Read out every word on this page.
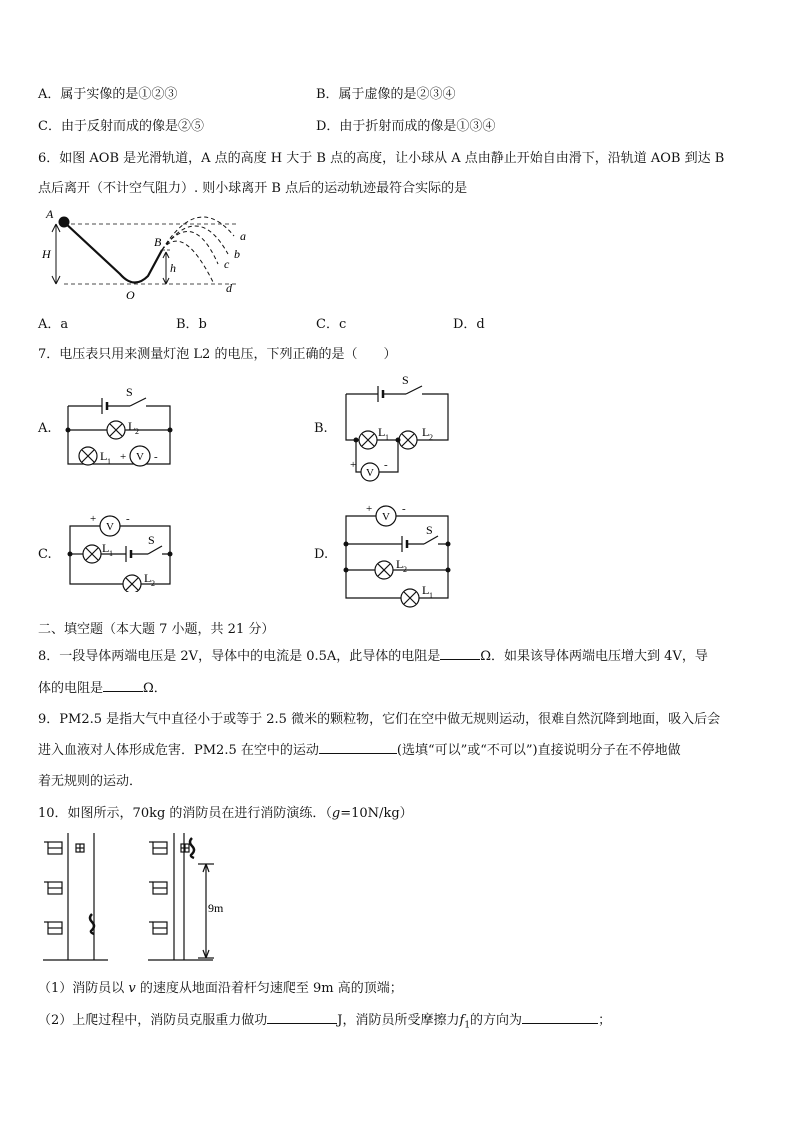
A．属于实像的是①②③	B．属于虚像的是②③④
C．由于反射而成的像是②⑤	D．由于折射而成的像是①③④
6．如图 AOB 是光滑轨道，A 点的高度 H 大于 B 点的高度，让小球从 A 点由静止开始自由滑下，沿轨道 AOB 到达 B
点后离开（不计空气阻力）. 则小球离开 B 点后的运动轨迹最符合实际的是
A
H
B
h
O
a
b
c
d
A．a	B．b	C．c	D．d
7．电压表只用来测量灯泡 L2 的电压，下列正确的是（　　）
A.
S
L 2
L 1 + V -
B.
S
L 1	L 2
+
V
-
C.
+
V
-
L 1
S
L 2
D.
+
V
-
S
L 2
L 1
二、填空题（本大题 7 小题，共 21 分）
8．一段导体两端电压是 2V，导体中的电流是 0.5A，此导体的电阻是	Ω．如果该导体两端电压增大到 4V，导
体的电阻是	Ω．
9．PM2.5 是指大气中直径小于或等于 2.5 微米的颗粒物，它们在空中做无规则运动，很难自然沉降到地面，吸入后会
进入血液对人体形成危害．PM2.5 在空中的运动	(选填“可以”或“不可以”)直接说明分子在不停地做
着无规则的运动．
10．如图所示，70kg 的消防员在进行消防演练．（g=10N/kg）
9m
（1）消防员以 v 的速度从地面沿着杆匀速爬至 9m 高的顶端；
（2）上爬过程中，消防员克服重力做功	J，消防员所受摩擦力$f_1$的方向为	；
